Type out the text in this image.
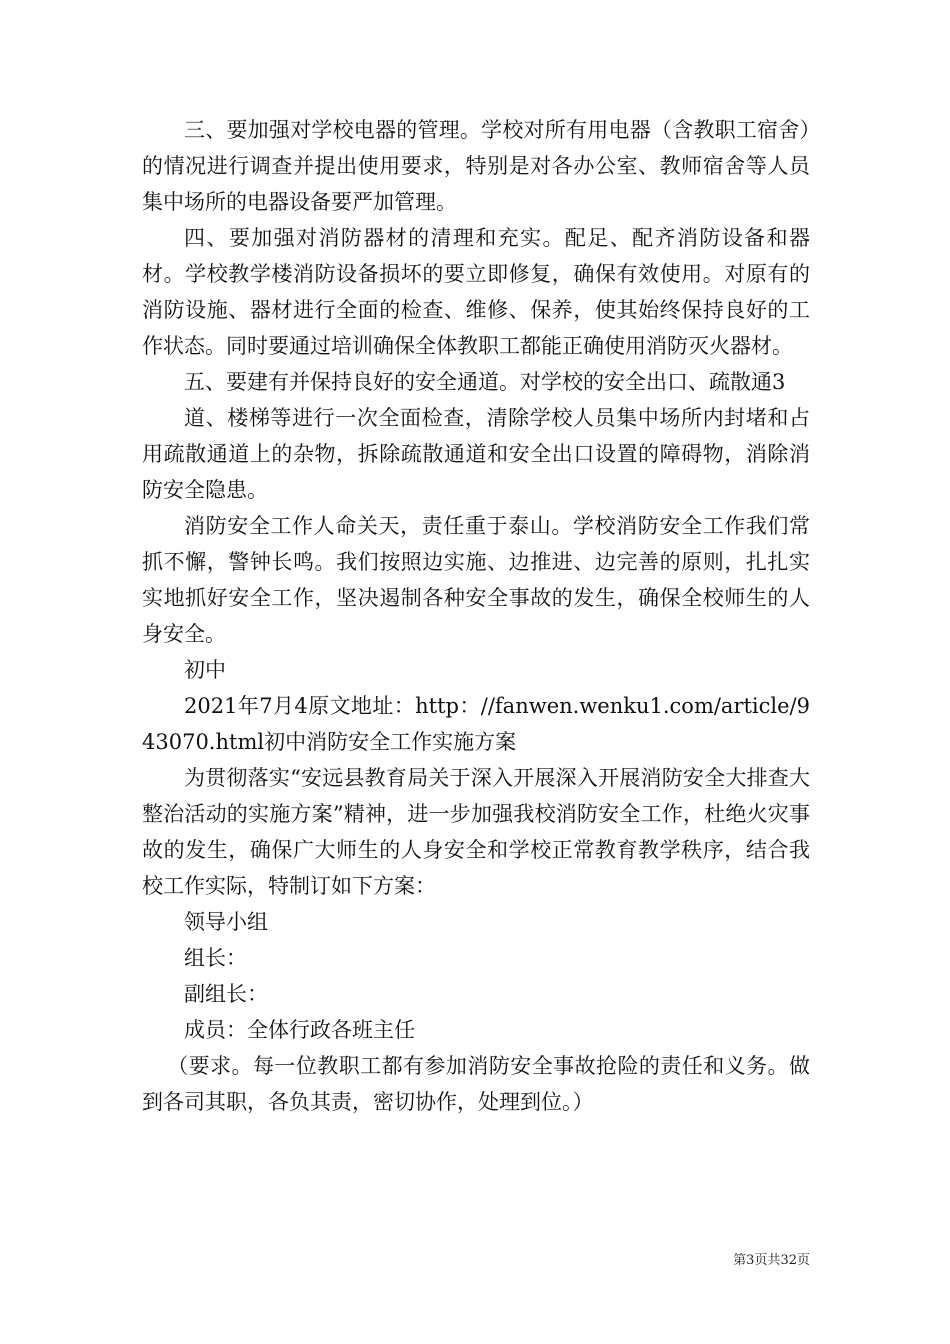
三、要加强对学校电器的管理。学校对所有用电器（含教职工宿舍）的情况进行调查并提出使用要求，特别是对各办公室、教师宿舍等人员集中场所的电器设备要严加管理。

四、要加强对消防器材的清理和充实。配足、配齐消防设备和器材。学校教学楼消防设备损坏的要立即修复，确保有效使用。对原有的消防设施、器材进行全面的检查、维修、保养，使其始终保持良好的工作状态。同时要通过培训确保全体教职工都能正确使用消防灭火器材。

五、要建有并保持良好的安全通道。对学校的安全出口、疏散通3

道、楼梯等进行一次全面检查，清除学校人员集中场所内封堵和占用疏散通道上的杂物，拆除疏散通道和安全出口设置的障碍物，消除消防安全隐患。

消防安全工作人命关天，责任重于泰山。学校消防安全工作我们常抓不懈，警钟长鸣。我们按照边实施、边推进、边完善的原则，扎扎实实地抓好安全工作，坚决遏制各种安全事故的发生，确保全校师生的人身安全。

初中

2021年7月4原文地址：http：//fanwen.wenku1.com/article/943070.html初中消防安全工作实施方案

为贯彻落实“安远县教育局关于深入开展深入开展消防安全大排查大整治活动的实施方案”精神，进一步加强我校消防安全工作，杜绝火灾事故的发生，确保广大师生的人身安全和学校正常教育教学秩序，结合我校工作实际，特制订如下方案：

领导小组

组长：

副组长：

成员：全体行政各班主任

（要求。每一位教职工都有参加消防安全事故抢险的责任和义务。做到各司其职，各负其责，密切协作，处理到位。）

第3页共32页
